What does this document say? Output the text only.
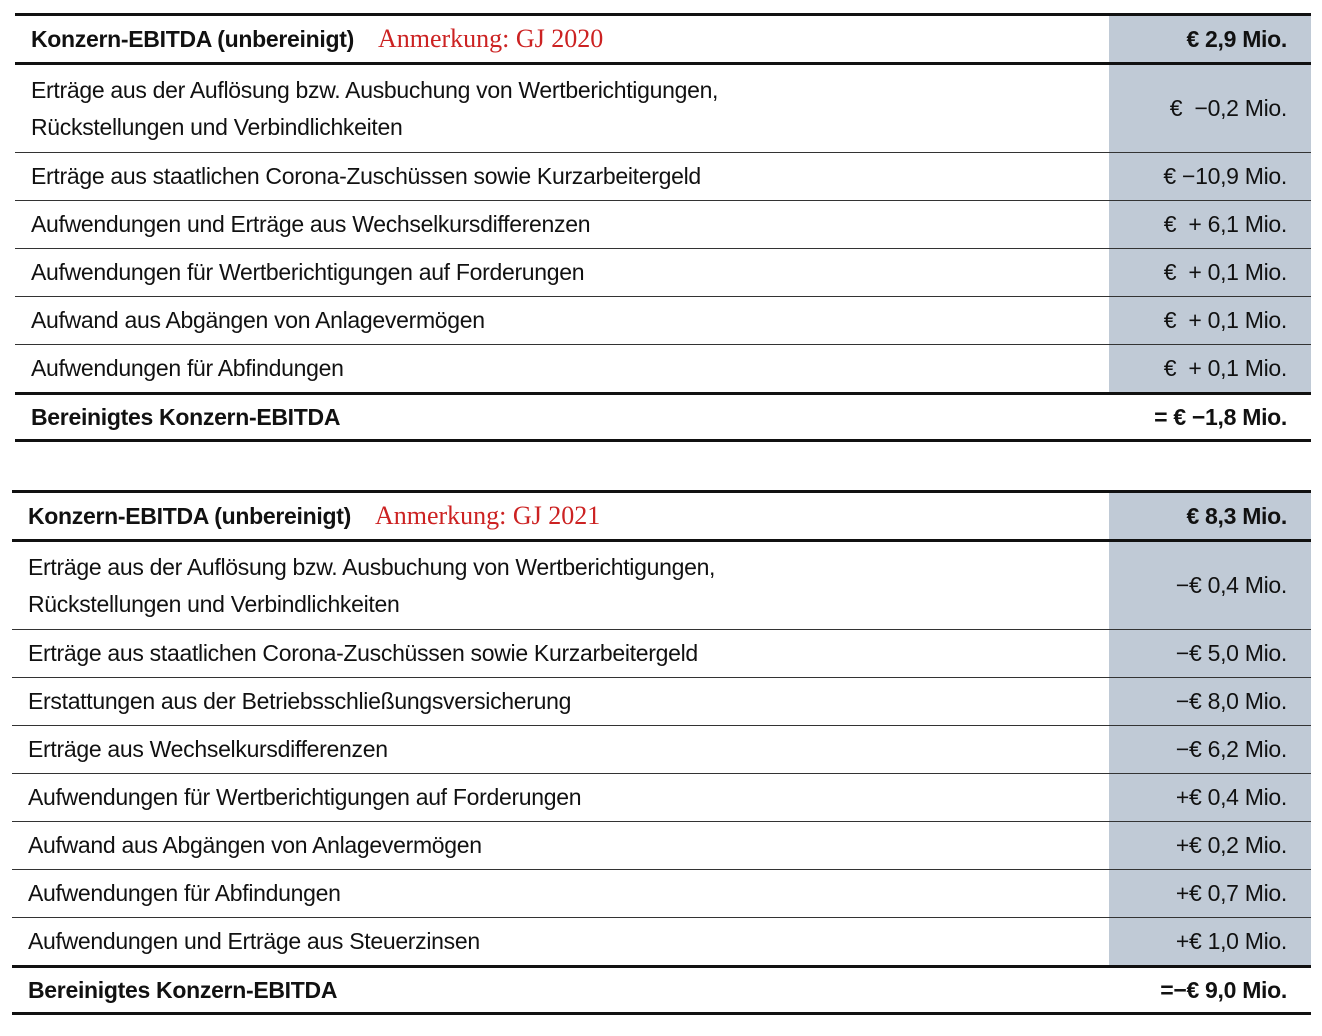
Konzern-EBITDA (unbereinigt) Anmerkung: GJ 2020	€ 2,9 Mio.
Erträge aus der Auflösung bzw. Ausbuchung von Wertberichtigungen,
Rückstellungen und Verbindlichkeiten	€  −0,2 Mio.
Erträge aus staatlichen Corona-Zuschüssen sowie Kurzarbeitergeld	€ −10,9 Mio.
Aufwendungen und Erträge aus Wechselkursdifferenzen	€  + 6,1 Mio.
Aufwendungen für Wertberichtigungen auf Forderungen	€  + 0,1 Mio.
Aufwand aus Abgängen von Anlagevermögen	€  + 0,1 Mio.
Aufwendungen für Abfindungen	€  + 0,1 Mio.
Bereinigtes Konzern-EBITDA	= € −1,8 Mio.
Konzern-EBITDA (unbereinigt) Anmerkung: GJ 2021	€ 8,3 Mio.
Erträge aus der Auflösung bzw. Ausbuchung von Wertberichtigungen,
Rückstellungen und Verbindlichkeiten	−€ 0,4 Mio.
Erträge aus staatlichen Corona-Zuschüssen sowie Kurzarbeitergeld	−€ 5,0 Mio.
Erstattungen aus der Betriebsschließungsversicherung	−€ 8,0 Mio.
Erträge aus Wechselkursdifferenzen	−€ 6,2 Mio.
Aufwendungen für Wertberichtigungen auf Forderungen	+€ 0,4 Mio.
Aufwand aus Abgängen von Anlagevermögen	+€ 0,2 Mio.
Aufwendungen für Abfindungen	+€ 0,7 Mio.
Aufwendungen und Erträge aus Steuerzinsen	+€ 1,0 Mio.
Bereinigtes Konzern-EBITDA	=−€ 9,0 Mio.
